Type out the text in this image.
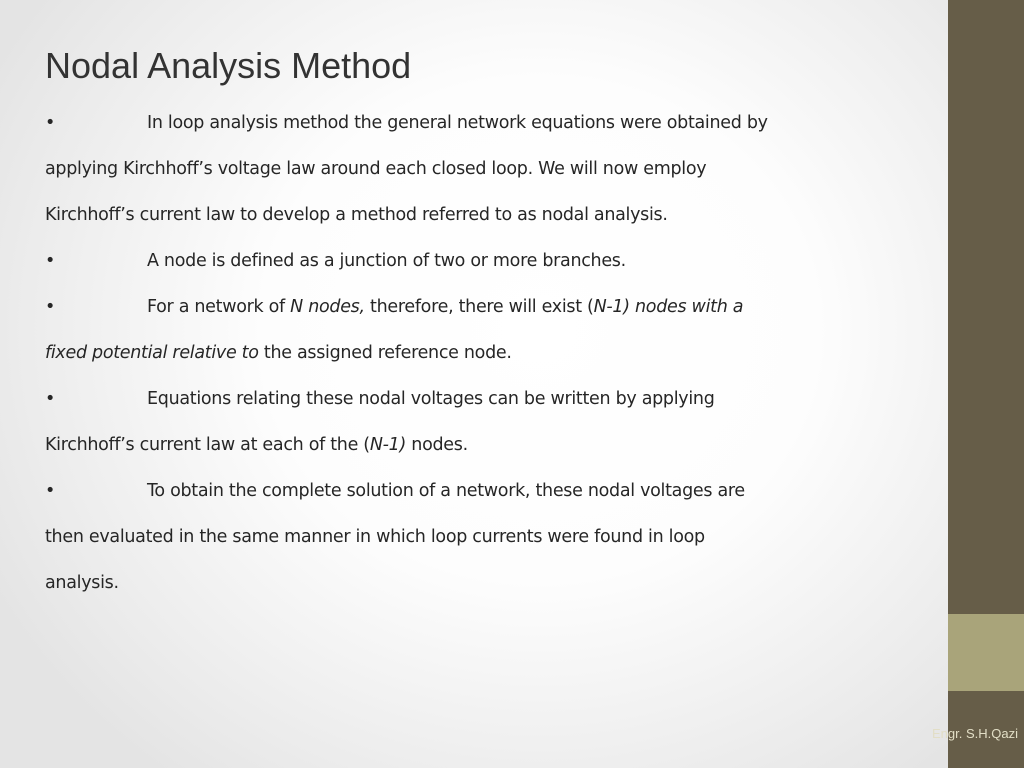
Nodal Analysis Method

•	In loop analysis method the general network equations were obtained by

applying Kirchhoff’s voltage law around each closed loop. We will now employ

Kirchhoff’s current law to develop a method referred to as nodal analysis.

•	A node is defined as a junction of two or more branches.

•	For a network of N nodes, therefore, there will exist (N-1) nodes with a

fixed potential relative to the assigned reference node.

•	Equations relating these nodal voltages can be written by applying

Kirchhoff’s current law at each of the (N-1) nodes.

•	To obtain the complete solution of a network, these nodal voltages are

then evaluated in the same manner in which loop currents were found in loop

analysis.

Engr. S.H.Qazi
